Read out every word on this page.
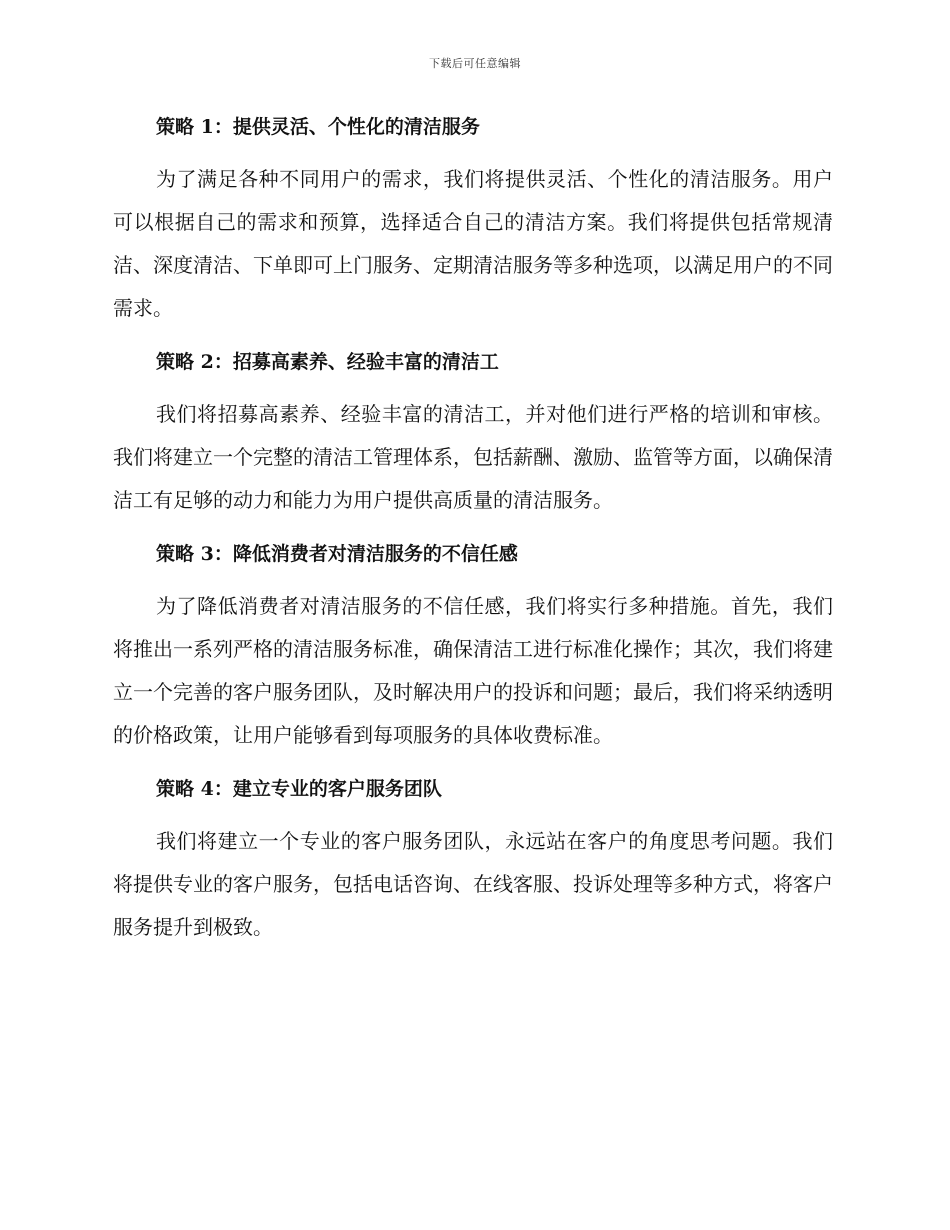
下载后可任意编辑
策略 1：提供灵活、个性化的清洁服务
为了满足各种不同用户的需求，我们将提供灵活、个性化的清洁服务。用户可以根据自己的需求和预算，选择适合自己的清洁方案。我们将提供包括常规清洁、深度清洁、下单即可上门服务、定期清洁服务等多种选项，以满足用户的不同需求。
策略 2：招募高素养、经验丰富的清洁工
我们将招募高素养、经验丰富的清洁工，并对他们进行严格的培训和审核。我们将建立一个完整的清洁工管理体系，包括薪酬、激励、监管等方面，以确保清洁工有足够的动力和能力为用户提供高质量的清洁服务。
策略 3：降低消费者对清洁服务的不信任感
为了降低消费者对清洁服务的不信任感，我们将实行多种措施。首先，我们将推出一系列严格的清洁服务标准，确保清洁工进行标准化操作；其次，我们将建立一个完善的客户服务团队，及时解决用户的投诉和问题；最后，我们将采纳透明的价格政策，让用户能够看到每项服务的具体收费标准。
策略 4：建立专业的客户服务团队
我们将建立一个专业的客户服务团队，永远站在客户的角度思考问题。我们将提供专业的客户服务，包括电话咨询、在线客服、投诉处理等多种方式，将客户服务提升到极致。
